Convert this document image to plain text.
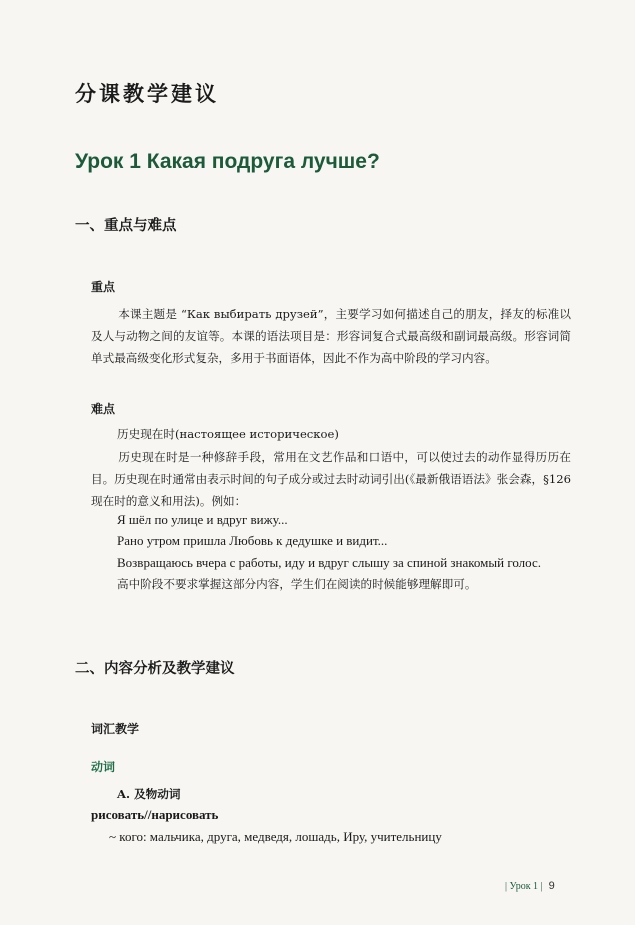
分课教学建议
Урок 1 Какая подруга лучше?
一、重点与难点
重点
本课主题是 “Как выбирать друзей”，主要学习如何描述自己的朋友，择友的标准以及人与动物之间的友谊等。本课的语法项目是：形容词复合式最高级和副词最高级。形容词简单式最高级变化形式复杂，多用于书面语体，因此不作为高中阶段的学习内容。
难点
历史现在时(настоящее историческое)
历史现在时是一种修辞手段，常用在文艺作品和口语中，可以使过去的动作显得历历在目。历史现在时通常由表示时间的句子成分或过去时动词引出(《最新俄语语法》张会森，§126 现在时的意义和用法)。例如：
Я шёл по улице и вдруг вижу...
Рано утром пришла Любовь к дедушке и видит...
Возвращаюсь вчера с работы, иду и вдруг слышу за спиной знакомый голос.
高中阶段不要求掌握这部分内容，学生们在阅读的时候能够理解即可。
二、内容分析及教学建议
词汇教学
动词
A. 及物动词
рисовать//нарисовать
~ кого: мальчика, друга, медведя, лошадь, Иру, учительницу
| Урок 1 | 9
